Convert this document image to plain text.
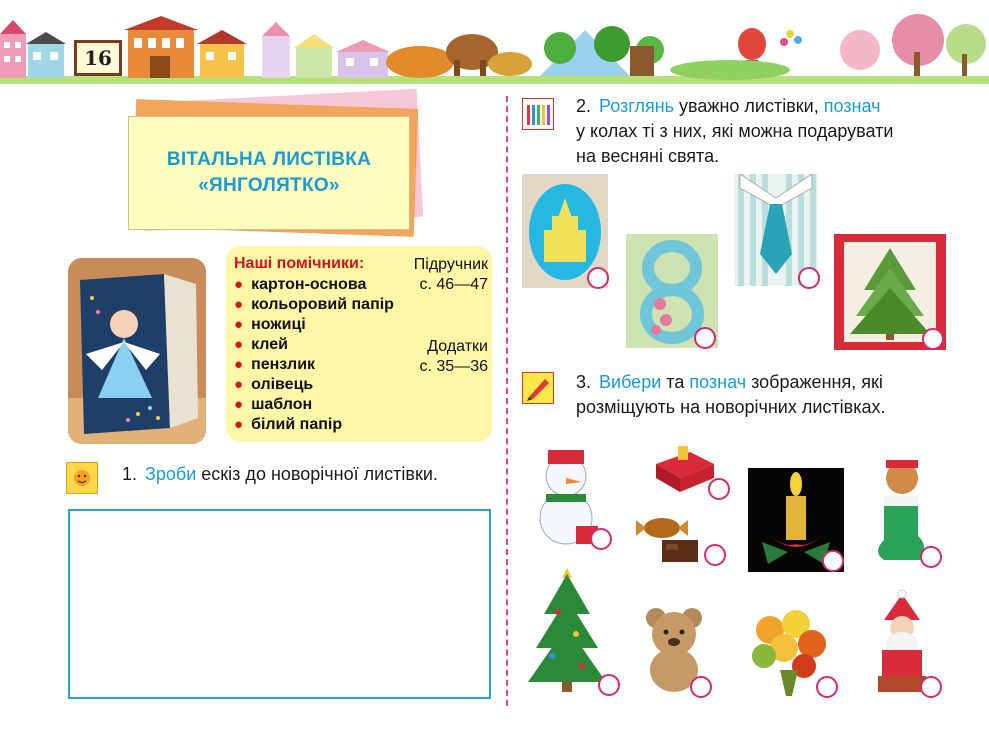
16
ВІТАЛЬНА ЛИСТІВКА
«ЯНГОЛЯТКО»
Наші помічники:	Підручник
с. 46—47
Додатки
с. 35—36
● картон-основа
● кольоровий папір
● ножиці
● клей
● пензлик
● олівець
● шаблон
● білий папір
1. Зроби ескіз до новорічної листівки.
2. Розглянь уважно листівки, познач
у колах ті з них, які можна подарувати
на весняні свята.
3. Вибери та познач зображення, які
розміщують на новорічних листівках.
